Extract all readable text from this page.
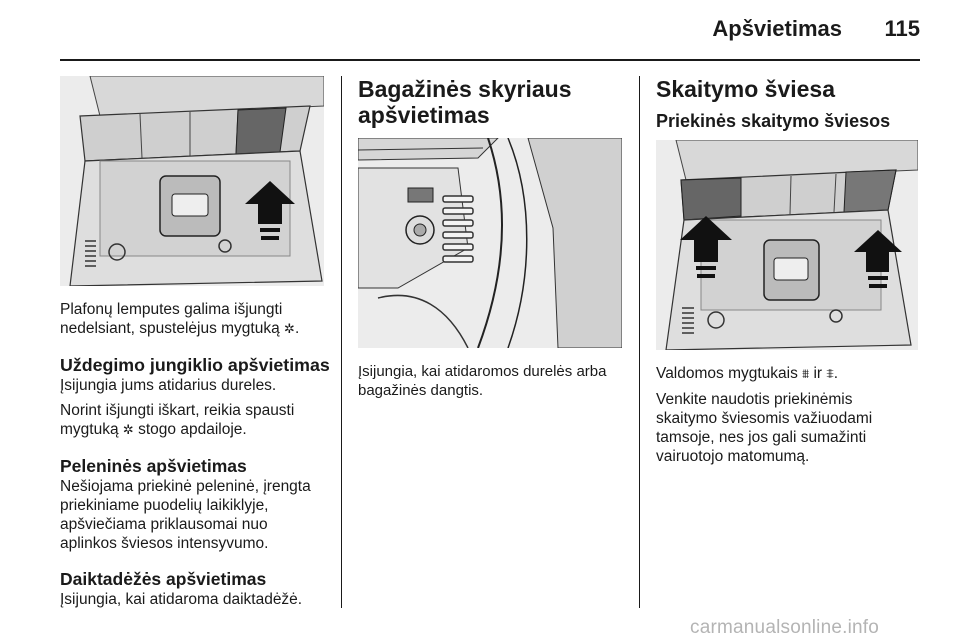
Apšvietimas 115

Plafonų lemputes galima išjungti
nedelsiant, spustelėjus mygtuką ✲.

Uždegimo jungiklio apšvietimas

Įsijungia jums atidarius dureles.

Norint išjungti iškart, reikia spausti
mygtuką ✲ stogo apdailoje.

Peleninės apšvietimas

Nešiojama priekinė peleninė, įrengta
priekiniame puodelių laikiklyje,
apšviečiama priklausomai nuo
aplinkos šviesos intensyvumo.

Daiktadėžės apšvietimas

Įsijungia, kai atidaroma daiktadėžė.

Bagažinės skyriaus
apšvietimas

Įsijungia, kai atidaromos durelės arba
bagažinės dangtis.

Skaitymo šviesa

Priekinės skaitymo šviesos

Valdomos mygtukais ⩩ ir ⩨.

Venkite naudotis priekinėmis
skaitymo šviesomis važiuodami
tamsoje, nes jos gali sumažinti
vairuotojo matomumą.

carmanualsonline.info
